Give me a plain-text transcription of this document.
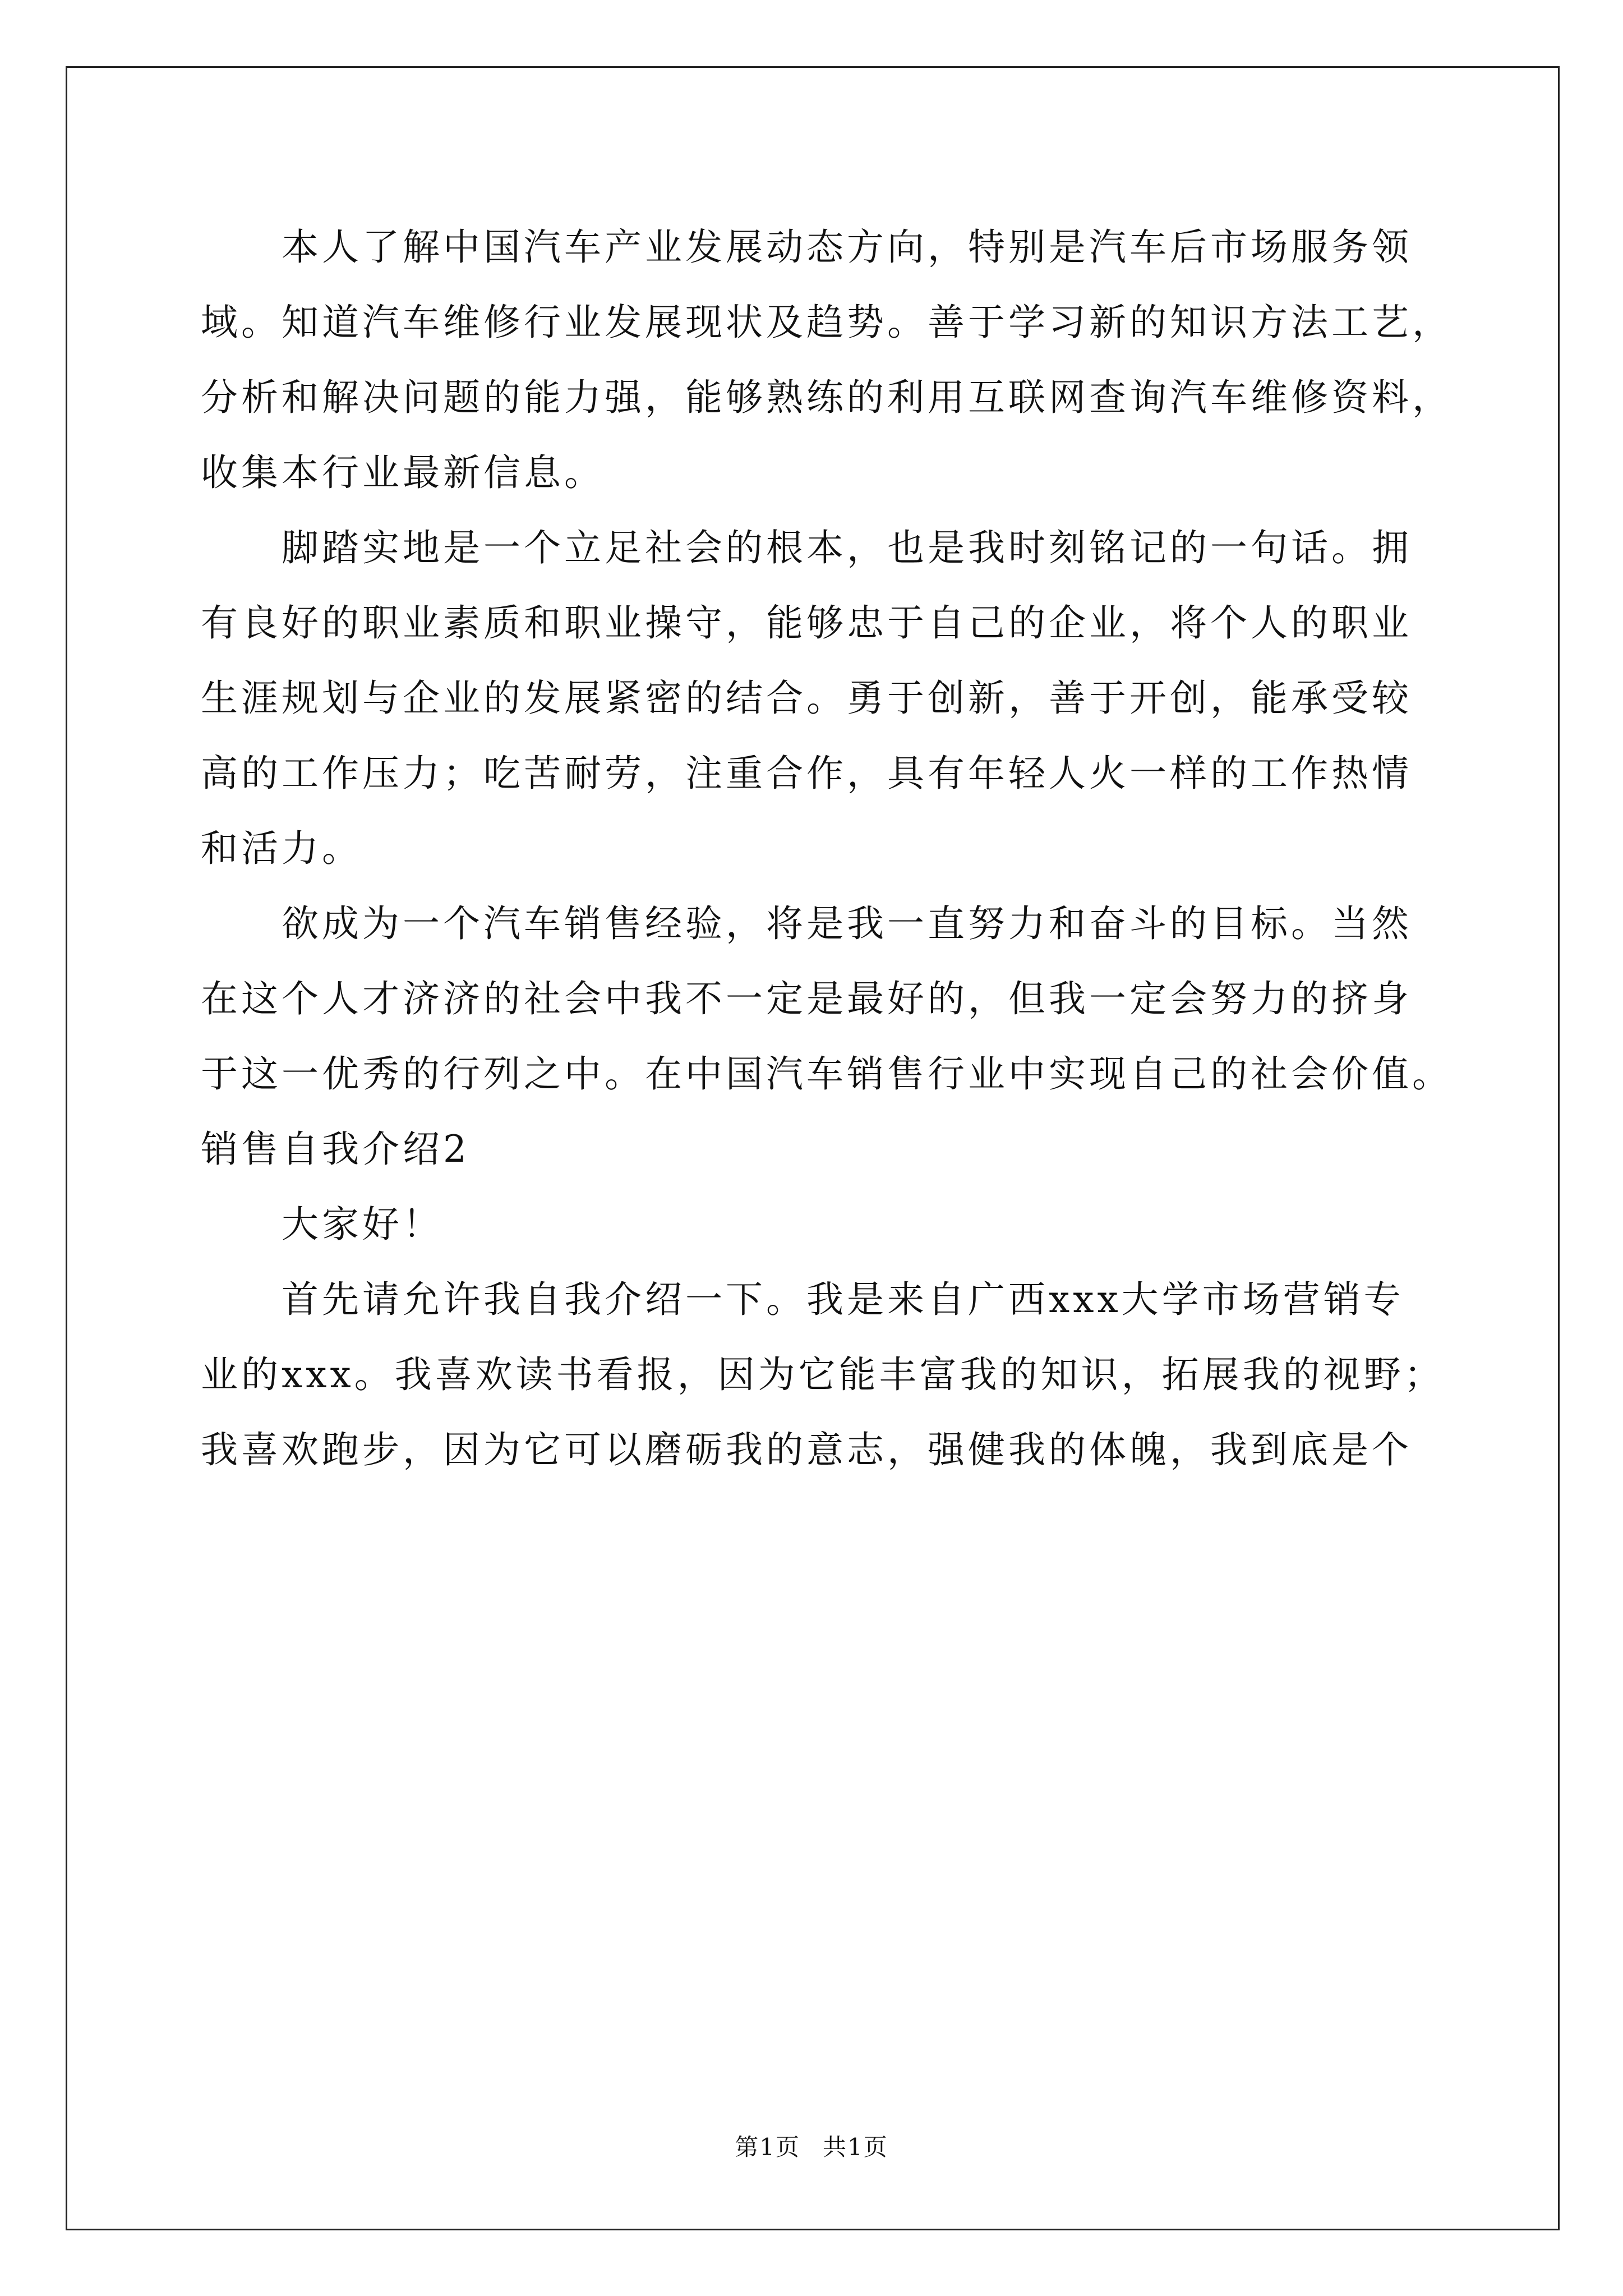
本人了解中国汽车产业发展动态方向，特别是汽车后市场服务领
域。知道汽车维修行业发展现状及趋势。善于学习新的知识方法工艺，
分析和解决问题的能力强，能够熟练的利用互联网查询汽车维修资料，
收集本行业最新信息。
脚踏实地是一个立足社会的根本，也是我时刻铭记的一句话。拥
有良好的职业素质和职业操守，能够忠于自己的企业，将个人的职业
生涯规划与企业的发展紧密的结合。勇于创新，善于开创，能承受较
高的工作压力；吃苦耐劳，注重合作，具有年轻人火一样的工作热情
和活力。
欲成为一个汽车销售经验，将是我一直努力和奋斗的目标。当然
在这个人才济济的社会中我不一定是最好的，但我一定会努力的挤身
于这一优秀的行列之中。在中国汽车销售行业中实现自己的社会价值。
销售自我介绍2
大家好！
首先请允许我自我介绍一下。我是来自广西xxx大学市场营销专
业的xxx。我喜欢读书看报，因为它能丰富我的知识，拓展我的视野；
我喜欢跑步，因为它可以磨砺我的意志，强健我的体魄，我到底是个
第1页 共1页
